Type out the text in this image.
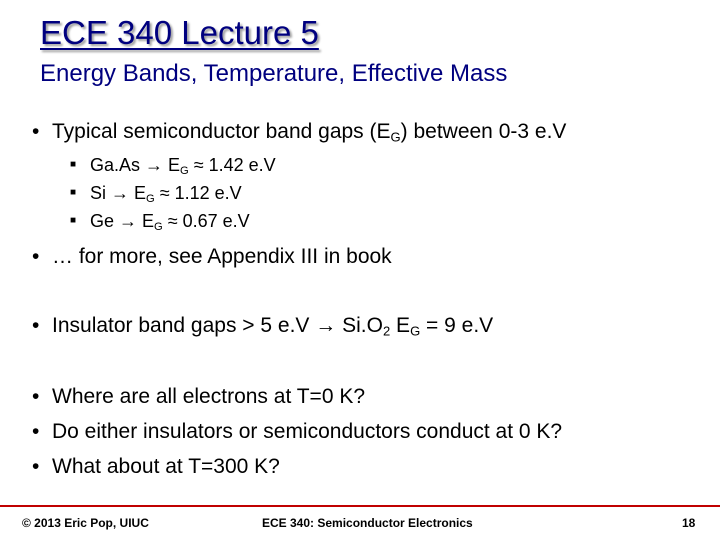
ECE 340 Lecture 5
Energy Bands, Temperature, Effective Mass
• Typical semiconductor band gaps $(E_G)$ between 0-3 e.V
■ $Ga.As \to E_G \approx 1.42$ e.V
■ $Si \to E_G \approx 1.12$ e.V
■ $Ge \to E_G \approx 0.67$ e.V
• … for more, see Appendix III in book
• Insulator band gaps > 5 $e.V \to Si.O_2$ $E_G = 9$ e.V
• Where are all electrons at T=0 K?
• Do either insulators or semiconductors conduct at 0 K?
• What about at T=300 K?
© 2013 Eric Pop, UIUC	ECE 340: Semiconductor Electronics	18
